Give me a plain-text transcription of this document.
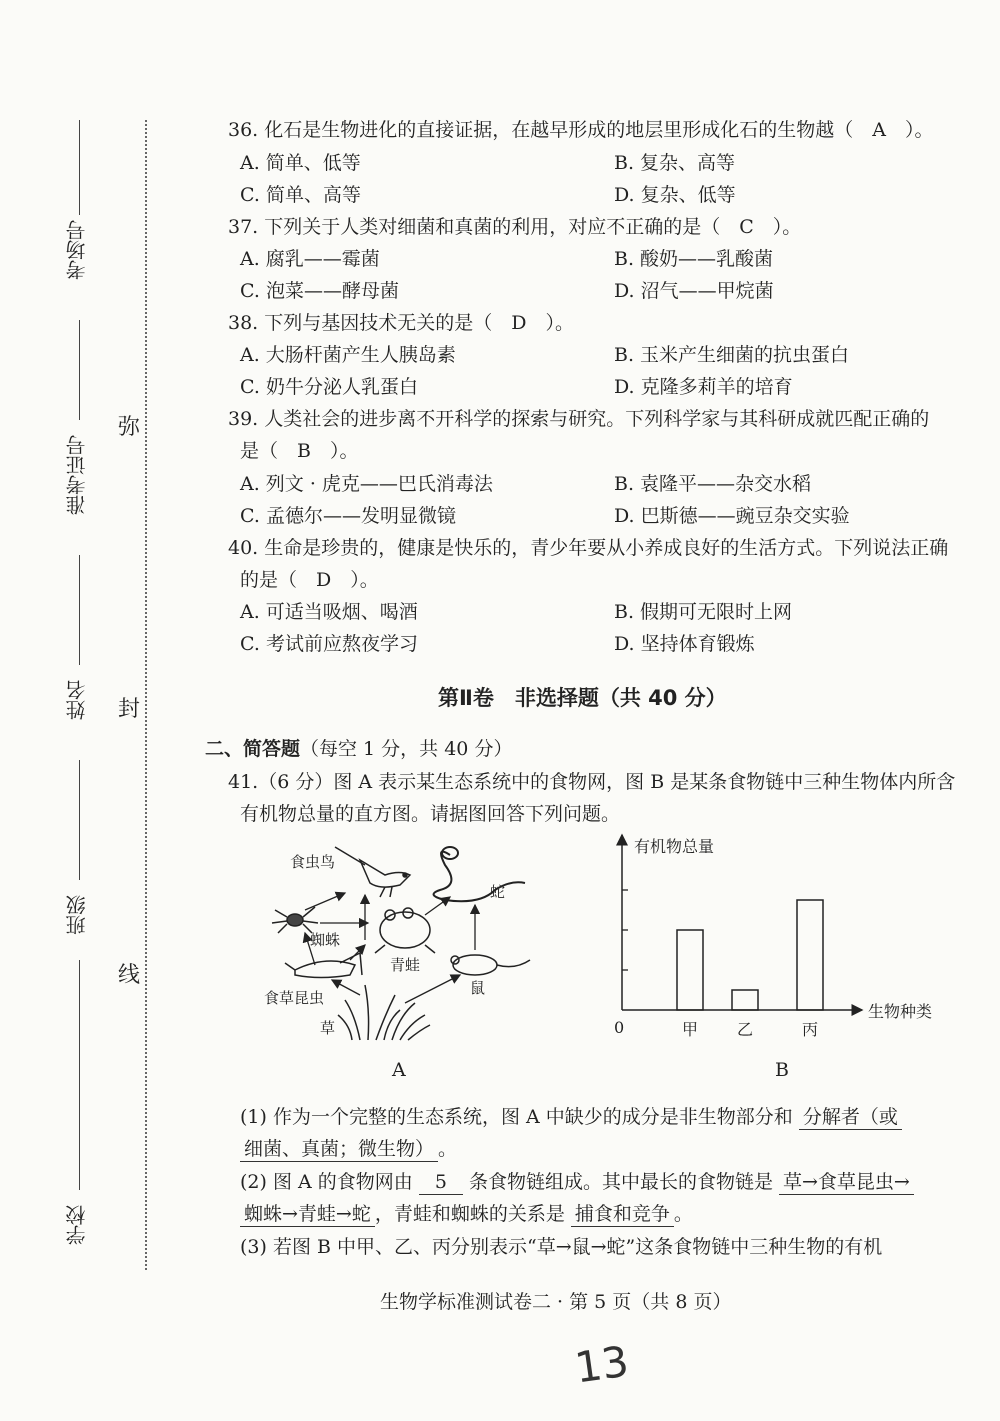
考场号
准考证号
姓名
班级
学校
弥
封
线
36. 化石是生物进化的直接证据，在越早形成的地层里形成化石的生物越（　A　）。
A. 简单、低等	B. 复杂、高等
C. 简单、高等	D. 复杂、低等
37. 下列关于人类对细菌和真菌的利用，对应不正确的是（　C　）。
A. 腐乳——霉菌	B. 酸奶——乳酸菌
C. 泡菜——酵母菌	D. 沼气——甲烷菌
38. 下列与基因技术无关的是（　D　）。
A. 大肠杆菌产生人胰岛素	B. 玉米产生细菌的抗虫蛋白
C. 奶牛分泌人乳蛋白	D. 克隆多莉羊的培育
39. 人类社会的进步离不开科学的探索与研究。下列科学家与其科研成就匹配正确的
是（　B　）。
A. 列文 · 虎克——巴氏消毒法	B. 袁隆平——杂交水稻
C. 孟德尔——发明显微镜	D. 巴斯德——豌豆杂交实验
40. 生命是珍贵的，健康是快乐的，青少年要从小养成良好的生活方式。下列说法正确
的是（　D　）。
A. 可适当吸烟、喝酒	B. 假期可无限时上网
C. 考试前应熬夜学习	D. 坚持体育锻炼
第Ⅱ卷　非选择题（共 40 分）
二、简答题（每空 1 分，共 40 分）
41.（6 分）图 A 表示某生态系统中的食物网，图 B 是某条食物链中三种生物体内所含
有机物总量的直方图。请据图回答下列问题。
食虫鸟
蛇
蜘蛛
青蛙
食草昆虫
鼠
草
A
甲 乙	丙
有机物总量
生物种类
0
B
(1) 作为一个完整的生态系统，图 A 中缺少的成分是非生物部分和 分解者（或
细菌、真菌；微生物） 。
(2) 图 A 的食物网由 5 条食物链组成。其中最长的食物链是 草→食草昆虫→
蜘蛛→青蛙→蛇 ，青蛙和蜘蛛的关系是 捕食和竞争 。
(3) 若图 B 中甲、乙、丙分别表示“草→鼠→蛇”这条食物链中三种生物的有机
生物学标准测试卷二 · 第 5 页（共 8 页）
13
